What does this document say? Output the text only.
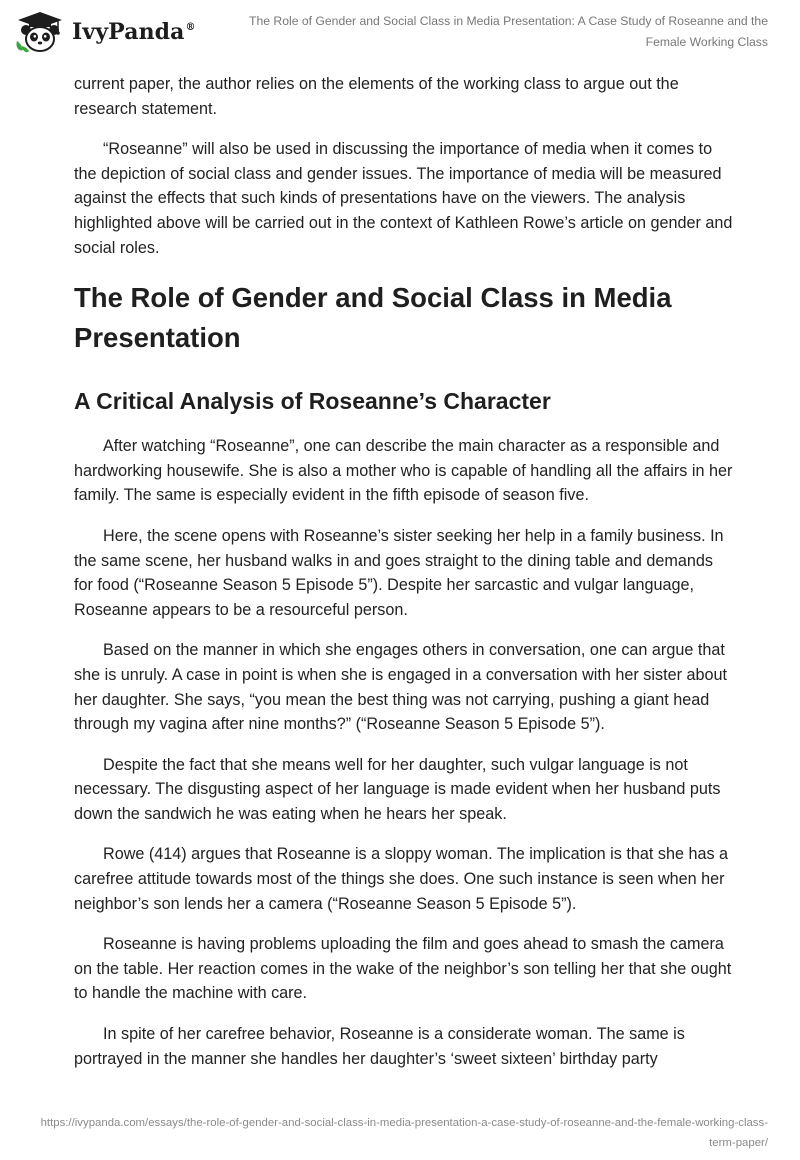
IvyPanda®	The Role of Gender and Social Class in Media Presentation: A Case Study of Roseanne and the Female Working Class

current paper, the author relies on the elements of the working class to argue out the research statement.

“Roseanne” will also be used in discussing the importance of media when it comes to the depiction of social class and gender issues. The importance of media will be measured against the effects that such kinds of presentations have on the viewers. The analysis highlighted above will be carried out in the context of Kathleen Rowe’s article on gender and social roles.

The Role of Gender and Social Class in Media Presentation
A Critical Analysis of Roseanne’s Character

After watching “Roseanne”, one can describe the main character as a responsible and hardworking housewife. She is also a mother who is capable of handling all the affairs in her family. The same is especially evident in the fifth episode of season five.

Here, the scene opens with Roseanne’s sister seeking her help in a family business. In the same scene, her husband walks in and goes straight to the dining table and demands for food (“Roseanne Season 5 Episode 5”). Despite her sarcastic and vulgar language, Roseanne appears to be a resourceful person.

Based on the manner in which she engages others in conversation, one can argue that she is unruly. A case in point is when she is engaged in a conversation with her sister about her daughter. She says, “you mean the best thing was not carrying, pushing a giant head through my vagina after nine months?” (“Roseanne Season 5 Episode 5”).

Despite the fact that she means well for her daughter, such vulgar language is not necessary. The disgusting aspect of her language is made evident when her husband puts down the sandwich he was eating when he hears her speak.

Rowe (414) argues that Roseanne is a sloppy woman. The implication is that she has a carefree attitude towards most of the things she does. One such instance is seen when her neighbor’s son lends her a camera (“Roseanne Season 5 Episode 5”).

Roseanne is having problems uploading the film and goes ahead to smash the camera on the table. Her reaction comes in the wake of the neighbor’s son telling her that she ought to handle the machine with care.

In spite of her carefree behavior, Roseanne is a considerate woman. The same is portrayed in the manner she handles her daughter’s ‘sweet sixteen’ birthday party

https://ivypanda.com/essays/the-role-of-gender-and-social-class-in-media-presentation-a-case-study-of-roseanne-and-the-female-working-class-term-paper/
